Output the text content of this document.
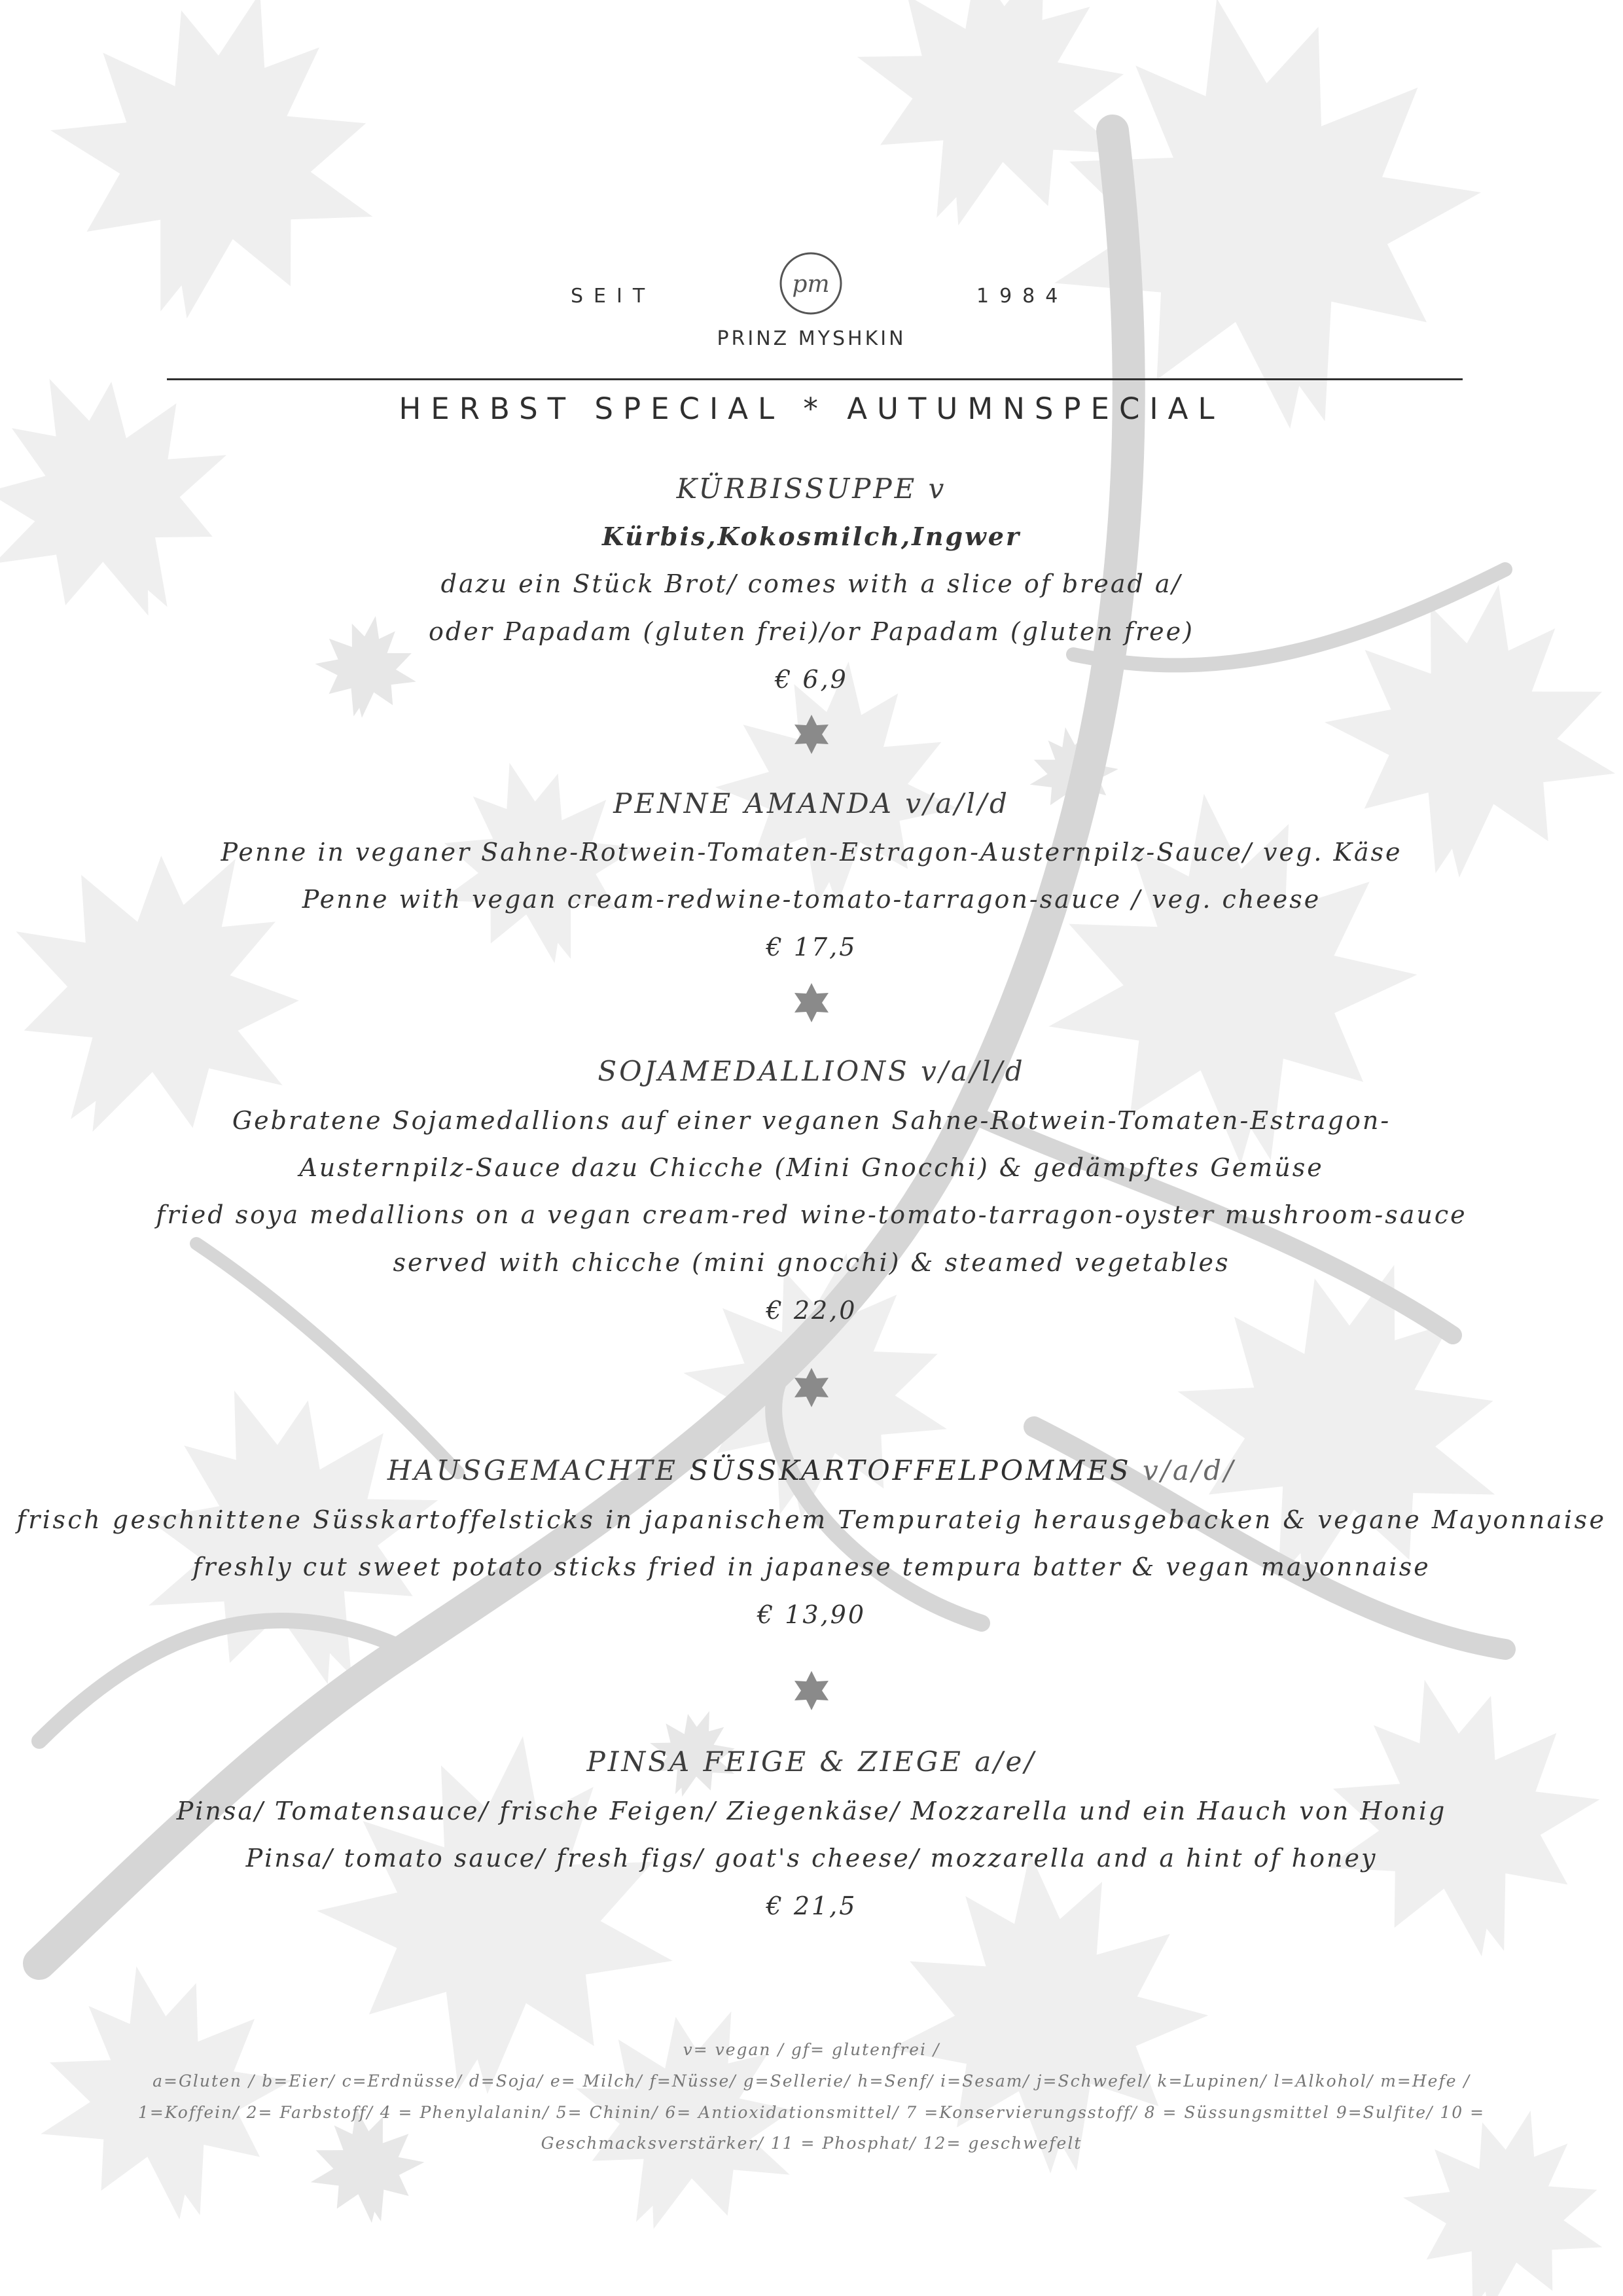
SEIT	pm	1984
PRINZ MYSHKIN
HERBST SPECIAL * AUTUMNSPECIAL
KÜRBISSUPPE v
Kürbis,Kokosmilch,Ingwer
dazu ein Stück Brot/ comes with a slice of bread a/
oder Papadam (gluten frei)/or Papadam (gluten free)
€ 6,9
PENNE AMANDA v/a/l/d
Penne in veganer Sahne-Rotwein-Tomaten-Estragon-Austernpilz-Sauce/ veg. Käse
Penne with vegan cream-redwine-tomato-tarragon-sauce / veg. cheese
€ 17,5
SOJAMEDALLIONS v/a/l/d
Gebratene Sojamedallions auf einer veganen Sahne-Rotwein-Tomaten-Estragon-
Austernpilz-Sauce dazu Chicche (Mini Gnocchi) & gedämpftes Gemüse
fried soya medallions on a vegan cream-red wine-tomato-tarragon-oyster mushroom-sauce
served with chicche (mini gnocchi) & steamed vegetables
€ 22,0
HAUSGEMACHTE SÜSSKARTOFFELPOMMES v/a/d/
frisch geschnittene Süsskartoffelsticks in japanischem Tempurateig herausgebacken & vegane Mayonnaise
freshly cut sweet potato sticks fried in japanese tempura batter & vegan mayonnaise
€ 13,90
PINSA FEIGE & ZIEGE a/e/
Pinsa/ Tomatensauce/ frische Feigen/ Ziegenkäse/ Mozzarella und ein Hauch von Honig
Pinsa/ tomato sauce/ fresh figs/ goat's cheese/ mozzarella and a hint of honey
€ 21,5
v= vegan / gf= glutenfrei /
a=Gluten / b=Eier/ c=Erdnüsse/ d=Soja/ e= Milch/ f=Nüsse/ g=Sellerie/ h=Senf/ i=Sesam/ j=Schwefel/ k=Lupinen/ l=Alkohol/ m=Hefe /
1=Koffein/ 2= Farbstoff/ 4 = Phenylalanin/ 5= Chinin/ 6= Antioxidationsmittel/ 7 =Konservierungsstoff/ 8 = Süssungsmittel 9=Sulfite/ 10 =
Geschmacksverstärker/ 11 = Phosphat/ 12= geschwefelt
